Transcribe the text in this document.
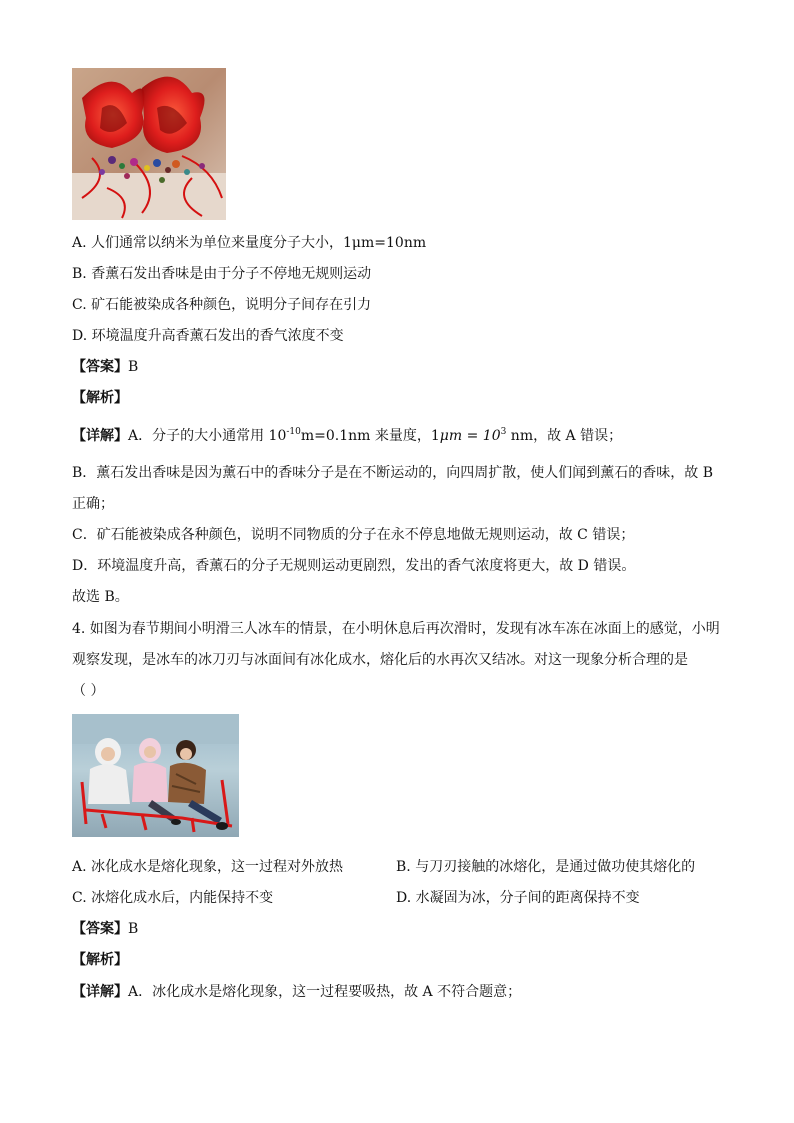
A. 人们通常以纳米为单位来量度分子大小，1μm=10nm
B. 香薰石发出香味是由于分子不停地无规则运动
C. 矿石能被染成各种颜色，说明分子间存在引力
D. 环境温度升高香薰石发出的香气浓度不变
【答案】B
【解析】
【详解】A．分子的大小通常用 $10^{-10}m=0.1nm$ 来量度，$1\mu m = 10^3$ nm，故 A 错误；
B．薰石发出香味是因为薰石中的香味分子是在不断运动的，向四周扩散，使人们闻到薰石的香味，故 B
正确；
C．矿石能被染成各种颜色，说明不同物质的分子在永不停息地做无规则运动，故 C 错误；
D．环境温度升高，香薰石的分子无规则运动更剧烈，发出的香气浓度将更大，故 D 错误。
故选 B。
4. 如图为春节期间小明滑三人冰车的情景，在小明休息后再次滑时，发现有冰车冻在冰面上的感觉，小明
观察发现，是冰车的冰刀刃与冰面间有冰化成水，熔化后的水再次又结冰。对这一现象分析合理的是
（ ）
A. 冰化成水是熔化现象，这一过程对外放热	B. 与刀刃接触的冰熔化，是通过做功使其熔化的
C. 冰熔化成水后，内能保持不变	D. 水凝固为冰，分子间的距离保持不变
【答案】B
【解析】
【详解】A．冰化成水是熔化现象，这一过程要吸热，故 A 不符合题意；
